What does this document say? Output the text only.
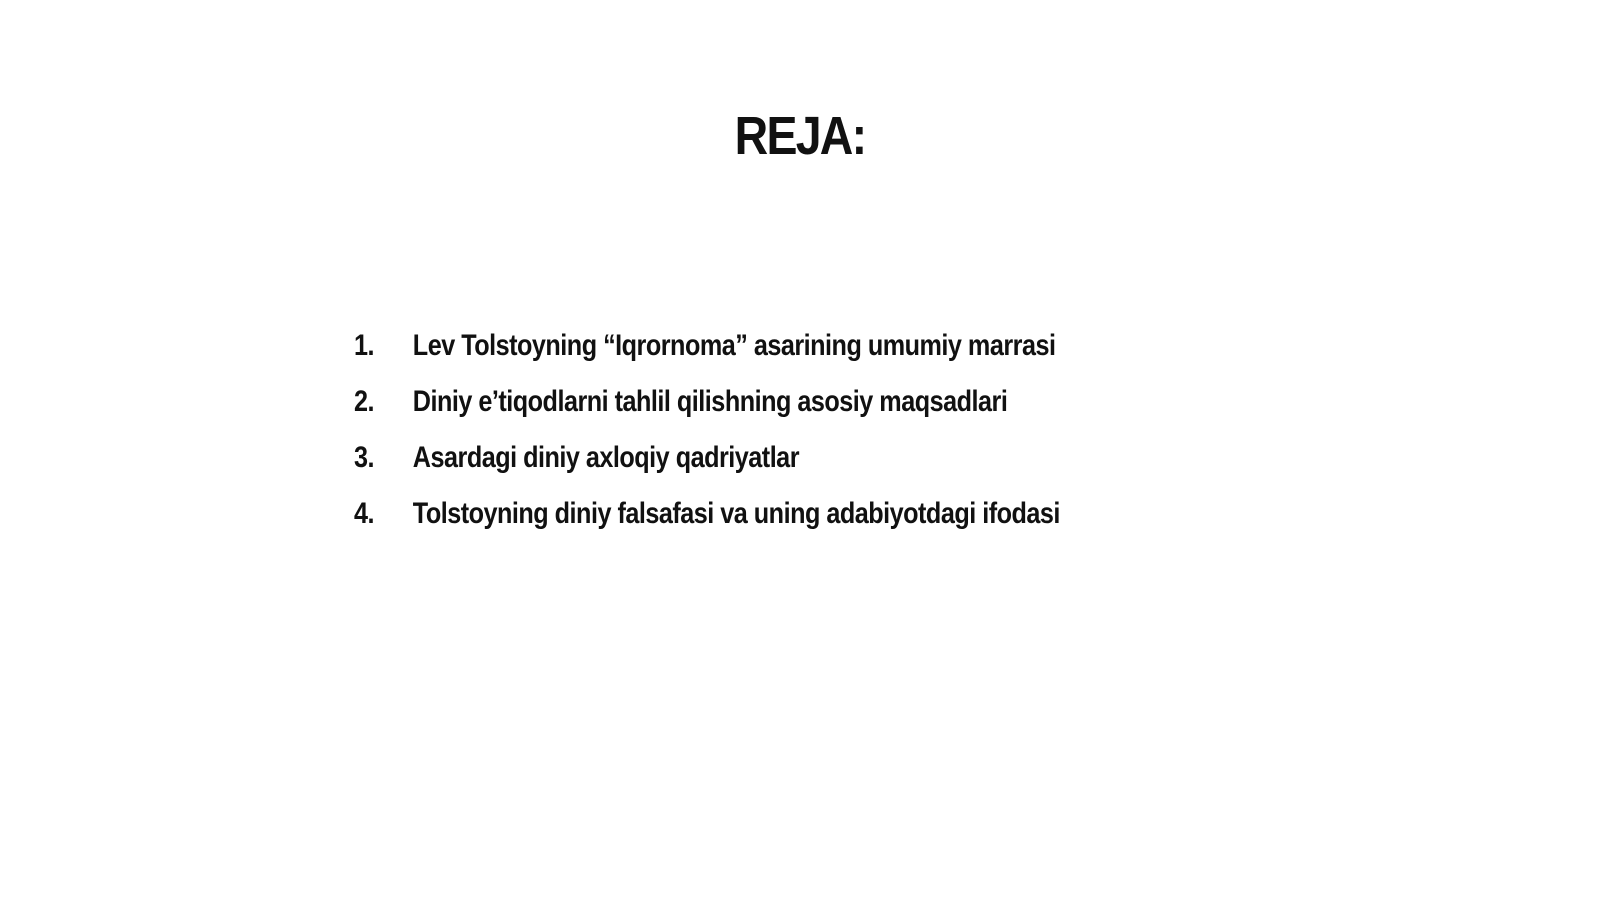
REJA:
1.	Lev Tolstoyning “Iqrornoma” asarining umumiy marrasi
2.	Diniy e’tiqodlarni tahlil qilishning asosiy maqsadlari
3.	Asardagi diniy axloqiy qadriyatlar
4.	Tolstoyning diniy falsafasi va uning adabiyotdagi ifodasi
